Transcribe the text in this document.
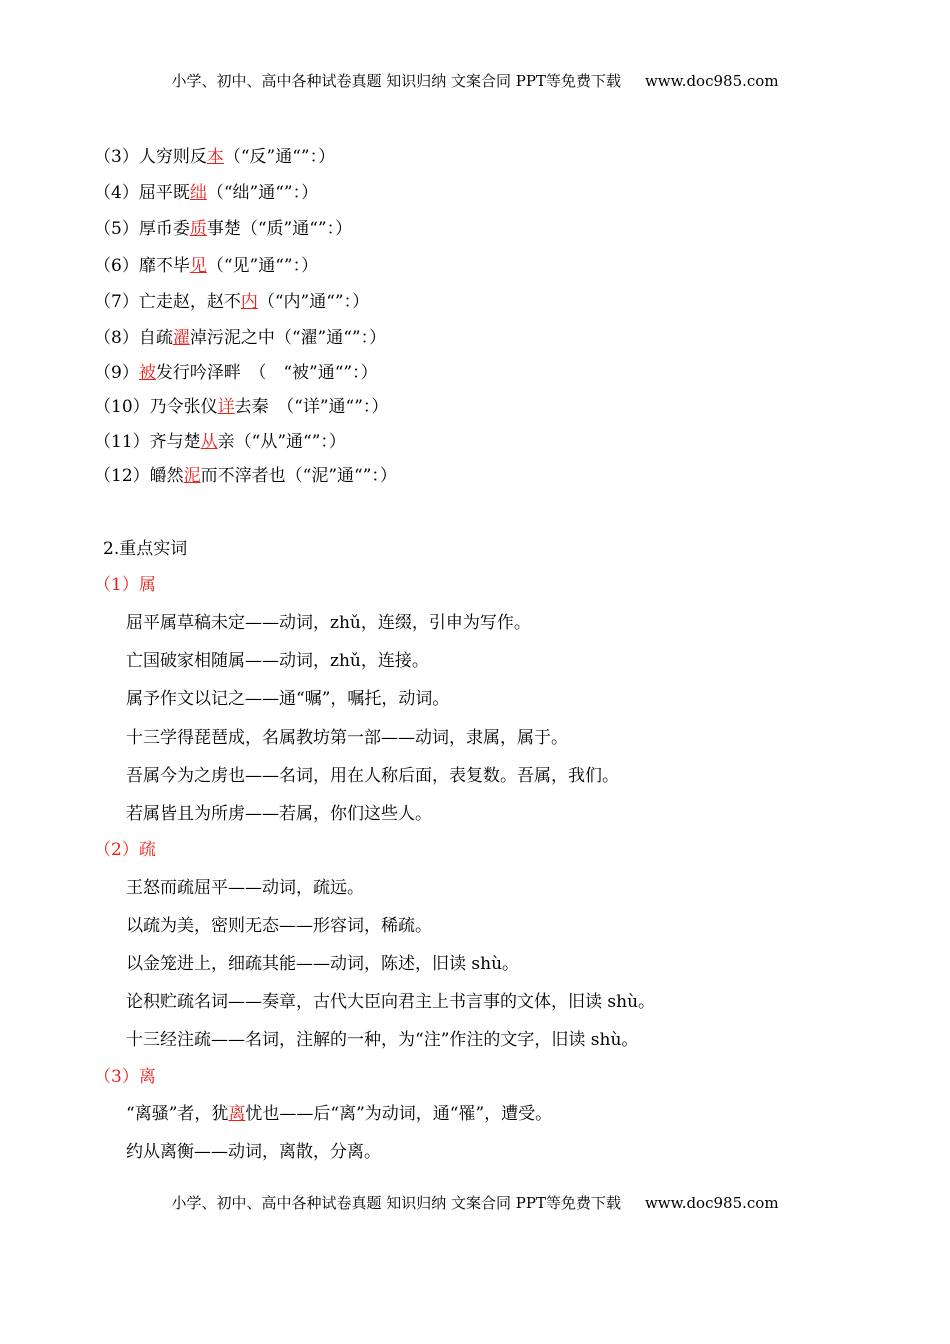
小学、初中、高中各种试卷真题 知识归纳 文案合同 PPT等免费下载 www.doc985.com
（3）人穷则反本（“反”通“”：）
（4）屈平既绌（“绌”通“”：）
（5）厚币委质事楚（“质”通“”：）
（6）靡不毕见（“见”通“”：）
（7）亡走赵，赵不内（“内”通“”：）
（8）自疏濯淖污泥之中（“濯”通“”：）
（9）被发行吟泽畔　（　“被”通“”：）
（10）乃令张仪详去秦　（“详”通“”：）
（11）齐与楚从亲（“从”通“”：）
（12）皭然泥而不滓者也（“泥”通“”：）
2.重点实词
（1）属
屈平属草稿未定——动词，zhǔ，连缀，引申为写作。
亡国破家相随属——动词，zhǔ，连接。
属予作文以记之——通“嘱”，嘱托，动词。
十三学得琵琶成，名属教坊第一部——动词，隶属，属于。
吾属今为之虏也——名词，用在人称后面，表复数。吾属，我们。
若属皆且为所虏——若属，你们这些人。
（2）疏
王怒而疏屈平——动词，疏远。
以疏为美，密则无态——形容词，稀疏。
以金笼进上，细疏其能——动词，陈述，旧读 shù。
论积贮疏名词——奏章，古代大臣向君主上书言事的文体，旧读 shù。
十三经注疏——名词，注解的一种，为“注”作注的文字，旧读 shù。
（3）离
“离骚”者，犹离忧也——后“离”为动词，通“罹”，遭受。
约从离衡——动词，离散，分离。
小学、初中、高中各种试卷真题 知识归纳 文案合同 PPT等免费下载 www.doc985.com
